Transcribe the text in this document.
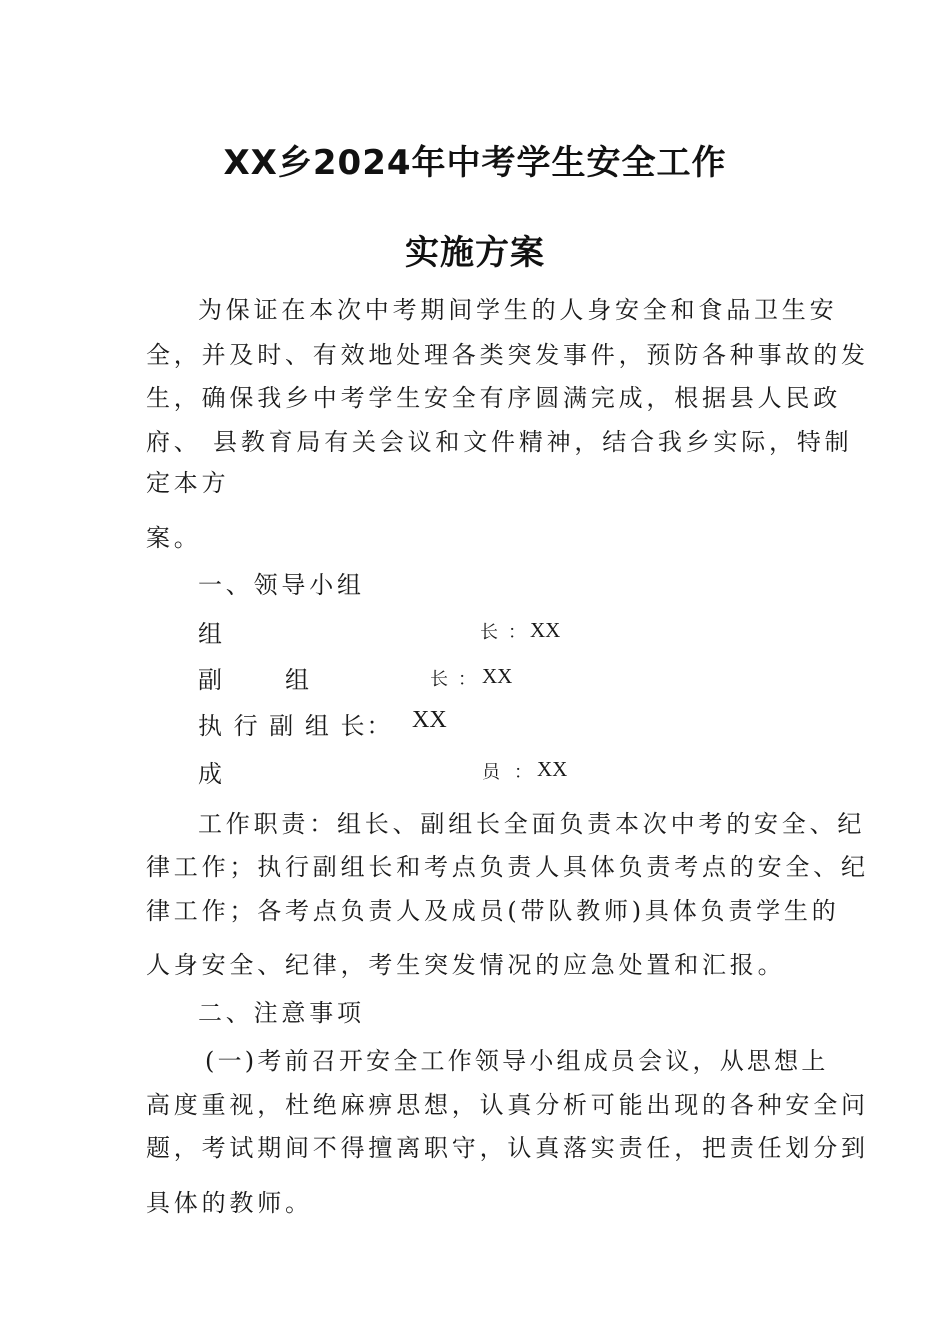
XX乡2024年中考学生安全工作
实施方案
为保证在本次中考期间学生的人身安全和食品卫生安
全，并及时、有效地处理各类突发事件，预防各种事故的发
生，确保我乡中考学生安全有序圆满完成，根据县人民政
府、 县教育局有关会议和文件精神，结合我乡实际，特制
定本方
案。
一、领导小组
组	长 ： XX
副	组	长 ： XX
执 行 副 组 长： XX
成	员 ： XX
工作职责：组长、副组长全面负责本次中考的安全、纪
律工作；执行副组长和考点负责人具体负责考点的安全、纪
律工作；各考点负责人及成员(带队教师)具体负责学生的
人身安全、纪律，考生突发情况的应急处置和汇报。
二、注意事项
(一)考前召开安全工作领导小组成员会议，从思想上
高度重视，杜绝麻痹思想，认真分析可能出现的各种安全问
题，考试期间不得擅离职守，认真落实责任，把责任划分到
具体的教师。
